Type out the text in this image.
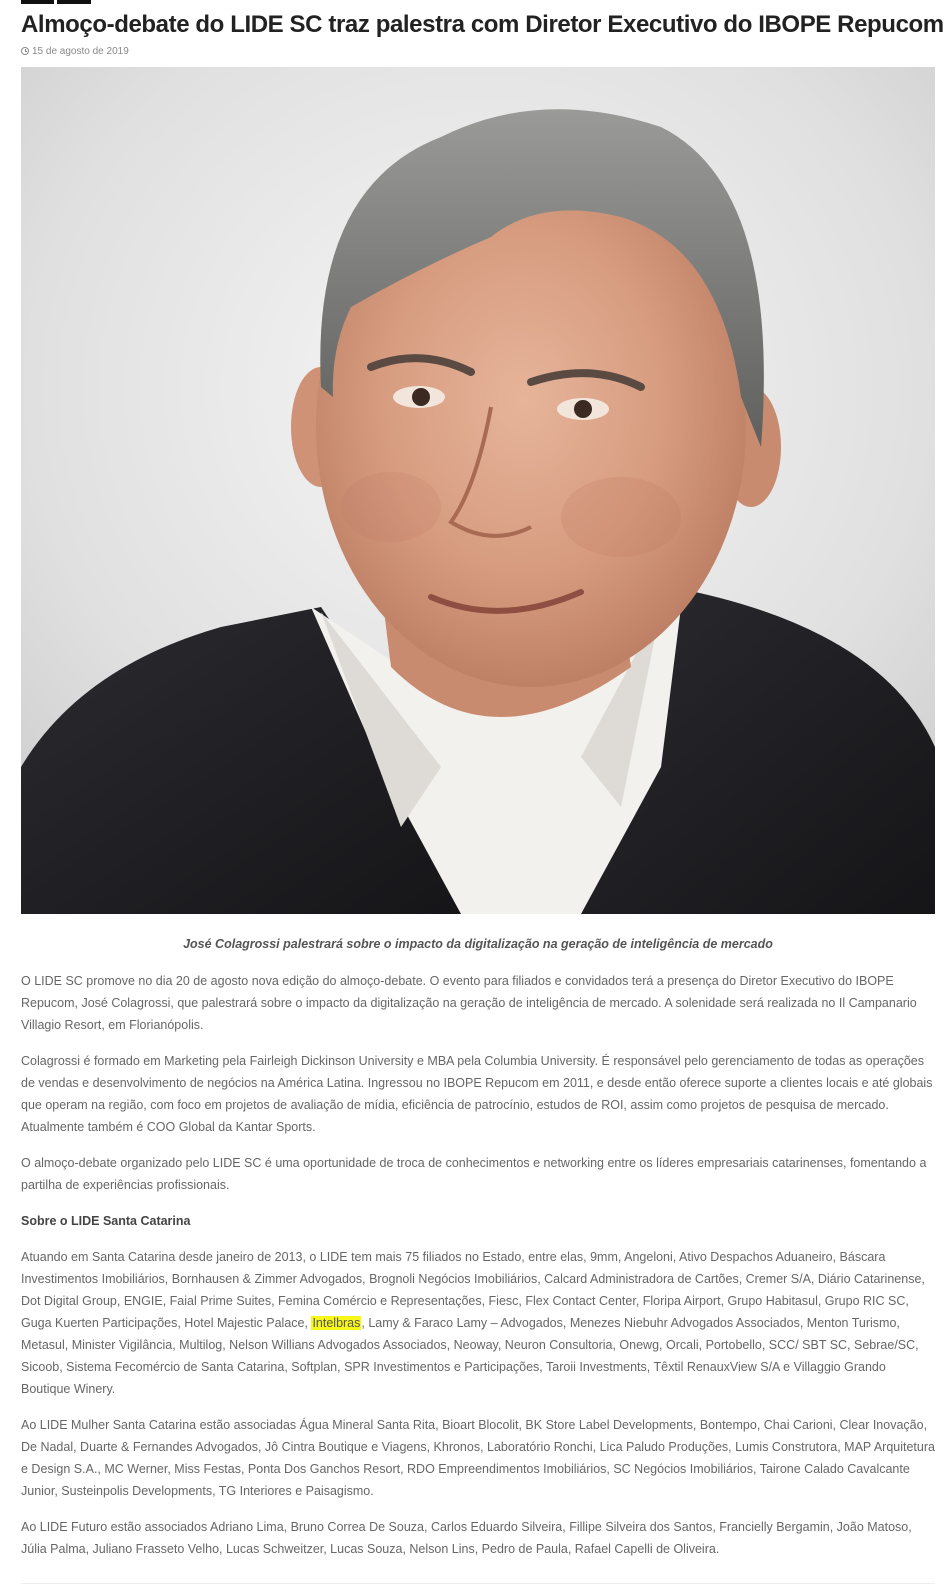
Almoço-debate do LIDE SC traz palestra com Diretor Executivo do IBOPE Repucom
15 de agosto de 2019

José Colagrossi palestrará sobre o impacto da digitalização na geração de inteligência de mercado

O LIDE SC promove no dia 20 de agosto nova edição do almoço-debate. O evento para filiados e convidados terá a presença do Diretor Executivo do IBOPE Repucom, José Colagrossi, que palestrará sobre o impacto da digitalização na geração de inteligência de mercado. A solenidade será realizada no Il Campanario Villagio Resort, em Florianópolis.

Colagrossi é formado em Marketing pela Fairleigh Dickinson University e MBA pela Columbia University. É responsável pelo gerenciamento de todas as operações de vendas e desenvolvimento de negócios na América Latina. Ingressou no IBOPE Repucom em 2011, e desde então oferece suporte a clientes locais e até globais que operam na região, com foco em projetos de avaliação de mídia, eficiência de patrocínio, estudos de ROI, assim como projetos de pesquisa de mercado. Atualmente também é COO Global da Kantar Sports.

O almoço-debate organizado pelo LIDE SC é uma oportunidade de troca de conhecimentos e networking entre os líderes empresariais catarinenses, fomentando a partilha de experiências profissionais.

Sobre o LIDE Santa Catarina

Atuando em Santa Catarina desde janeiro de 2013, o LIDE tem mais 75 filiados no Estado, entre elas, 9mm, Angeloni, Ativo Despachos Aduaneiro, Báscara Investimentos Imobiliários, Bornhausen & Zimmer Advogados, Brognoli Negócios Imobiliários, Calcard Administradora de Cartões, Cremer S/A, Diário Catarinense, Dot Digital Group, ENGIE, Faial Prime Suites, Femina Comércio e Representações, Fiesc, Flex Contact Center, Floripa Airport, Grupo Habitasul, Grupo RIC SC, Guga Kuerten Participações, Hotel Majestic Palace, Intelbras, Lamy & Faraco Lamy – Advogados, Menezes Niebuhr Advogados Associados, Menton Turismo, Metasul, Minister Vigilância, Multilog, Nelson Willians Advogados Associados, Neoway, Neuron Consultoria, Onewg, Orcali, Portobello, SCC/ SBT SC, Sebrae/SC, Sicoob, Sistema Fecomércio de Santa Catarina, Softplan, SPR Investimentos e Participações, Taroii Investments, Têxtil RenauxView S/A e Villaggio Grando Boutique Winery.

Ao LIDE Mulher Santa Catarina estão associadas Água Mineral Santa Rita, Bioart Blocolit, BK Store Label Developments, Bontempo, Chai Carioni, Clear Inovação, De Nadal, Duarte & Fernandes Advogados, Jô Cintra Boutique e Viagens, Khronos, Laboratório Ronchi, Lica Paludo Produções, Lumis Construtora, MAP Arquitetura e Design S.A., MC Werner, Miss Festas, Ponta Dos Ganchos Resort, RDO Empreendimentos Imobiliários, SC Negócios Imobiliários, Tairone Calado Cavalcante Junior, Susteinpolis Developments, TG Interiores e Paisagismo.

Ao LIDE Futuro estão associados Adriano Lima, Bruno Correa De Souza, Carlos Eduardo Silveira, Fillipe Silveira dos Santos, Francielly Bergamin, João Matoso, Júlia Palma, Juliano Frasseto Velho, Lucas Schweitzer, Lucas Souza, Nelson Lins, Pedro de Paula, Rafael Capelli de Oliveira.
